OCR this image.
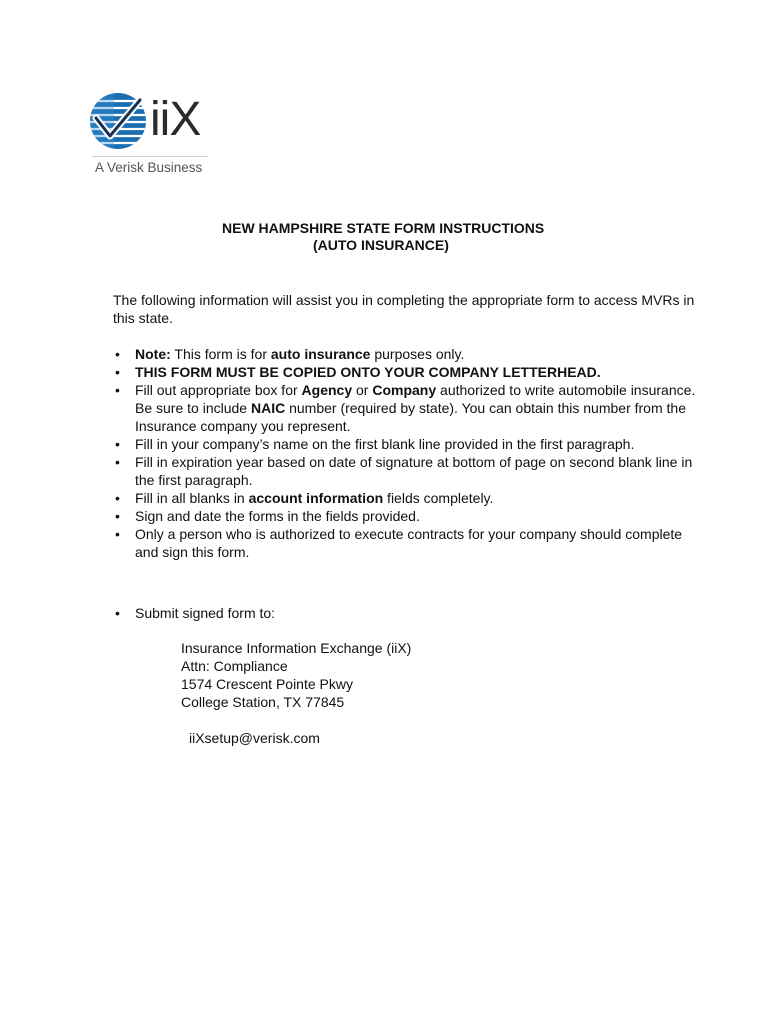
iiX
A Verisk Business
NEW HAMPSHIRE STATE FORM INSTRUCTIONS
(AUTO INSURANCE)
The following information will assist you in completing the appropriate form to access MVRs in this state.
• Note: This form is for auto insurance purposes only.
• THIS FORM MUST BE COPIED ONTO YOUR COMPANY LETTERHEAD.
• Fill out appropriate box for Agency or Company authorized to write automobile insurance. Be sure to include NAIC number (required by state). You can obtain this number from the Insurance company you represent.
• Fill in your company’s name on the first blank line provided in the first paragraph.
• Fill in expiration year based on date of signature at bottom of page on second blank line in the first paragraph.
• Fill in all blanks in account information fields completely.
• Sign and date the forms in the fields provided.
• Only a person who is authorized to execute contracts for your company should complete and sign this form.
• Submit signed form to:
Insurance Information Exchange (iiX)
Attn: Compliance
1574 Crescent Pointe Pkwy
College Station, TX 77845
iiXsetup@verisk.com
